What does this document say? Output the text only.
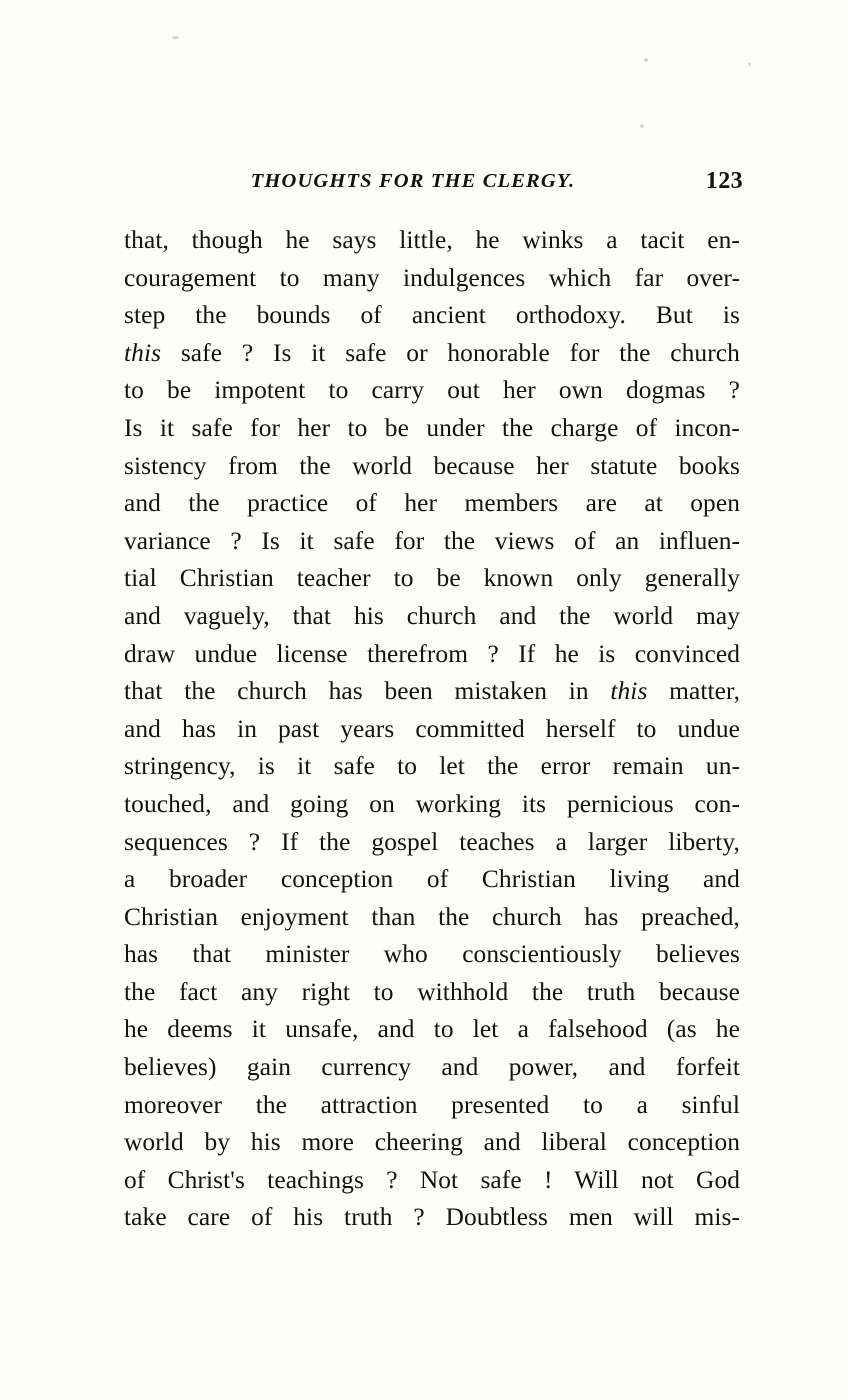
THOUGHTS FOR THE CLERGY.	123

that, though he says little, he winks a tacit en-

couragement to many indulgences which far over-

step the bounds of ancient orthodoxy. But is

this safe ? Is it safe or honorable for the church

to be impotent to carry out her own dogmas ?

Is it safe for her to be under the charge of incon-

sistency from the world because her statute books

and the practice of her members are at open

variance ? Is it safe for the views of an influen-

tial Christian teacher to be known only generally

and vaguely, that his church and the world may

draw undue license therefrom ? If he is convinced

that the church has been mistaken in this matter,

and has in past years committed herself to undue

stringency, is it safe to let the error remain un-

touched, and going on working its pernicious con-

sequences ? If the gospel teaches a larger liberty,

a broader conception of Christian living and

Christian enjoyment than the church has preached,

has that minister who conscientiously believes

the fact any right to withhold the truth because

he deems it unsafe, and to let a falsehood (as he

believes) gain currency and power, and forfeit

moreover the attraction presented to a sinful

world by his more cheering and liberal conception

of Christ's teachings ? Not safe ! Will not God

take care of his truth ? Doubtless men will mis-
